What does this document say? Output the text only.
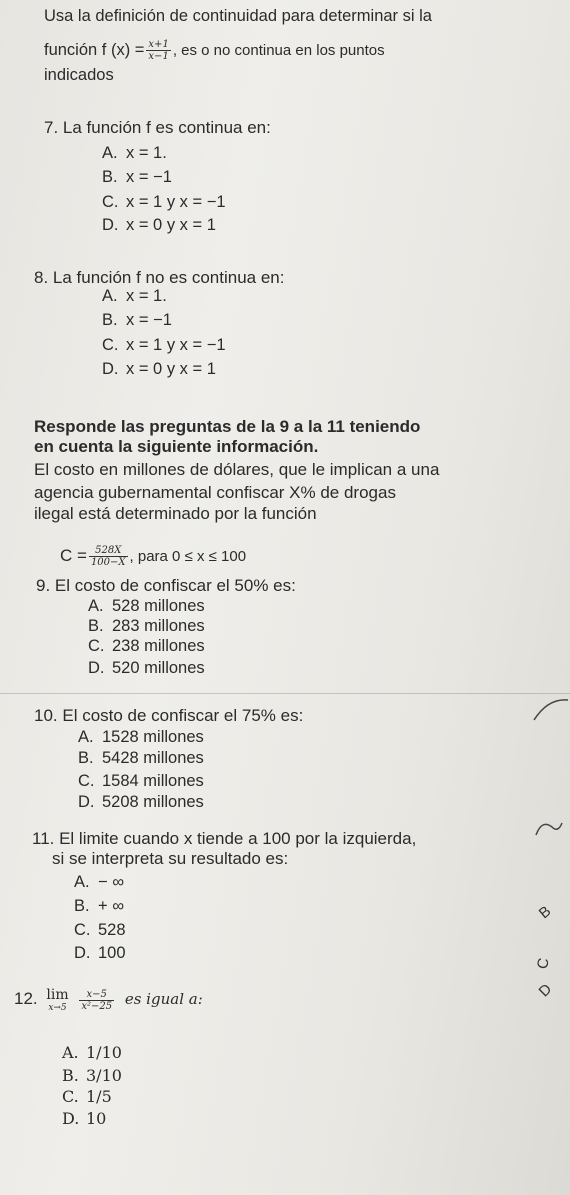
Usa la definición de continuidad para determinar si la
función f $(x) = \frac{x+1}{x-1}$ , es o no continua en los puntos
indicados
7. La función f es continua en:
A. x = 1.
B. x = −1
C. x = 1 y x = −1
D. x = 0 y x = 1
8. La función f no es continua en:
A. x = 1.
B. x = −1
C. x = 1 y x = −1
D. x = 0 y x = 1
Responde las preguntas de la 9 a la 11 teniendo
en cuenta la siguiente información.
El costo en millones de dólares, que le implican a una
agencia gubernamental confiscar X% de drogas
ilegal está determinado por la función
$C = \frac{528X}{100-X}$ , para 0 ≤ x ≤ 100
9. El costo de confiscar el 50% es:
A. 528 millones
B. 283 millones
C. 238 millones
D. 520 millones
10. El costo de confiscar el 75% es:
A. 1528 millones
B. 5428 millones
C. 1584 millones
D. 5208 millones
11. El limite cuando x tiende a 100 por la izquierda,
si se interpreta su resultado es:
A. − ∞
B. + ∞
C. 528
D. 100
12. lim
x→5
$\frac{x-5}{\text{x²−25}}$ es igual a:
A. 1/10
B. 3/10
C. 1/5
D. 10
B
C
D
